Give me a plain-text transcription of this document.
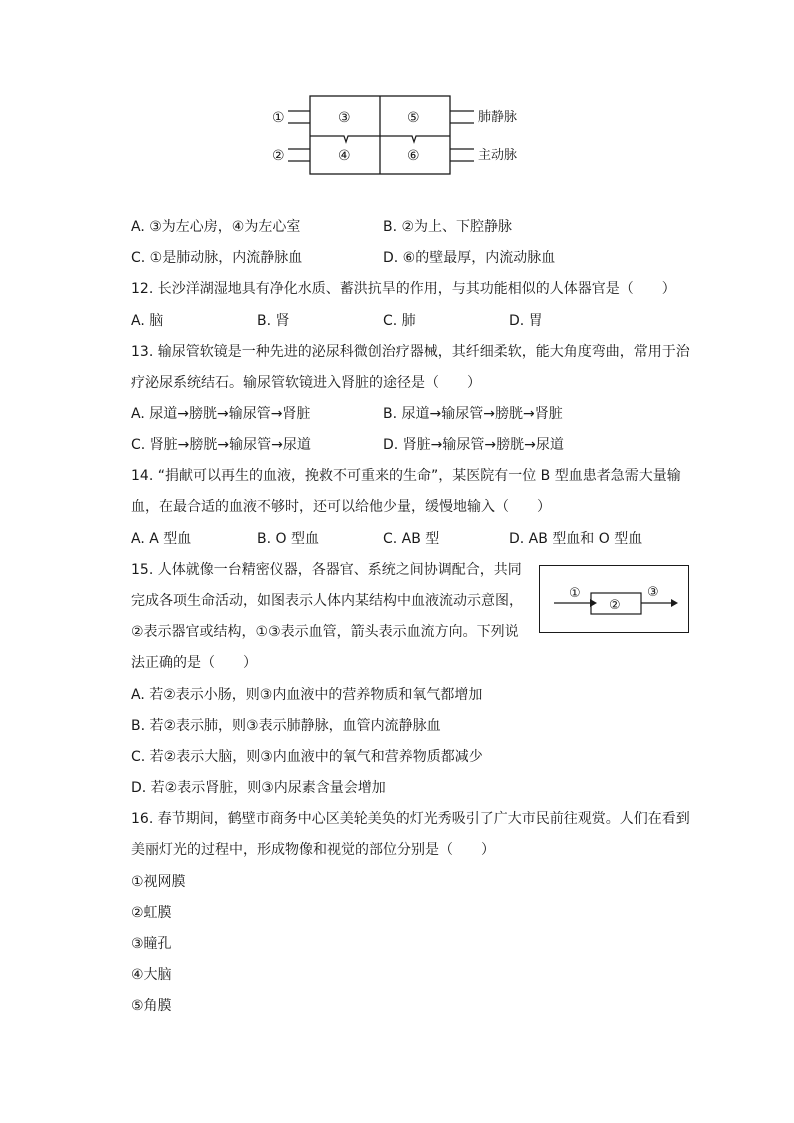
①
②
③
④
⑤
⑥
肺静脉
主动脉
A. ③为左心房，④为左心室	B. ②为上、下腔静脉
C. ①是肺动脉，内流静脉血	D. ⑥的壁最厚，内流动脉血
12. 长沙洋湖湿地具有净化水质、蓄洪抗旱的作用，与其功能相似的人体器官是（　　）
A. 脑	B. 肾	C. 肺	D. 胃
13. 输尿管软镜是一种先进的泌尿科微创治疗器械，其纤细柔软，能大角度弯曲，常用于治
疗泌尿系统结石。输尿管软镜进入肾脏的途径是（　　）
A. 尿道→膀胱→输尿管→肾脏	B. 尿道→输尿管→膀胱→肾脏
C. 肾脏→膀胱→输尿管→尿道	D. 肾脏→输尿管→膀胱→尿道
14. “捐献可以再生的血液，挽救不可重来的生命”，某医院有一位 B 型血患者急需大量输
血，在最合适的血液不够时，还可以给他少量，缓慢地输入（　　）
A. A 型血	B. O 型血	C. AB 型	D. AB 型血和 O 型血
15. 人体就像一台精密仪器，各器官、系统之间协调配合，共同
完成各项生命活动，如图表示人体内某结构中血液流动示意图，
②表示器官或结构，①③表示血管，箭头表示血流方向。下列说
法正确的是（　　）
①
②
③
A. 若②表示小肠，则③内血液中的营养物质和氧气都增加
B. 若②表示肺，则③表示肺静脉，血管内流静脉血
C. 若②表示大脑，则③内血液中的氧气和营养物质都减少
D. 若②表示肾脏，则③内尿素含量会增加
16. 春节期间，鹤壁市商务中心区美轮美奂的灯光秀吸引了广大市民前往观赏。人们在看到
美丽灯光的过程中，形成物像和视觉的部位分别是（　　）
①视网膜
②虹膜
③瞳孔
④大脑
⑤角膜
